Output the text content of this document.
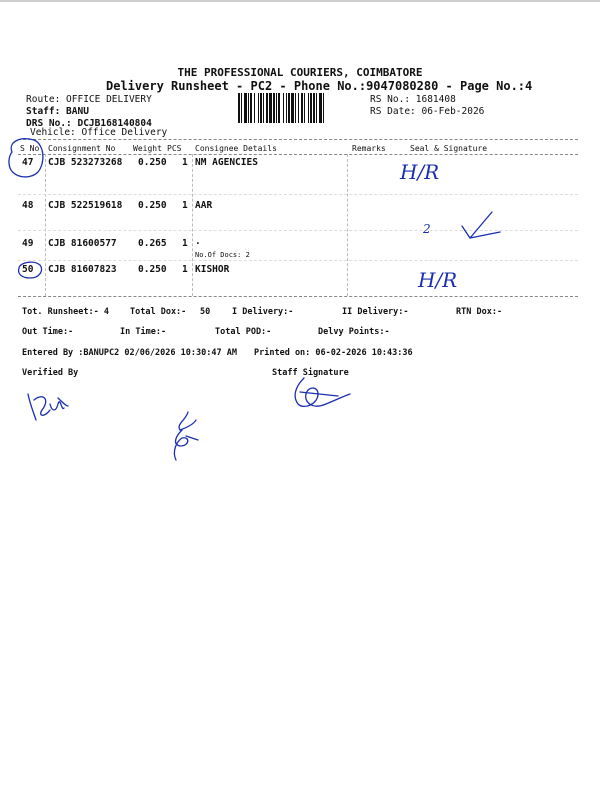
THE PROFESSIONAL COURIERS, COIMBATORE
Delivery Runsheet - PC2 - Phone No.:9047080280 - Page No.:4
Route: OFFICE DELIVERY
Staff: BANU
DRS No.: DCJB168140804
Vehicle: Office Delivery
RS No.: 1681408
RS Date: 06-Feb-2026
S No Consignment No Weight PCS Consignee Details	Remarks	Seal & Signature
47 CJB 523273268 0.250 1 NM AGENCIES
48 CJB 522519618 0.250 1 AAR
49 CJB 81600577 0.265 1 .
No.Of Docs: 2
50 CJB 81607823 0.250 1 KISHOR
Tot. Runsheet:- 4 Total Dox:- 50	I Delivery:-	II Delivery:-	RTN Dox:-
Out Time:-	In Time:-	Total POD:-	Delvy Points:-
Entered By :BANUPC2 02/06/2026 10:30:47 AM Printed on: 06-02-2026 10:43:36
Verified By	Staff Signature
H/R
2
H/R
